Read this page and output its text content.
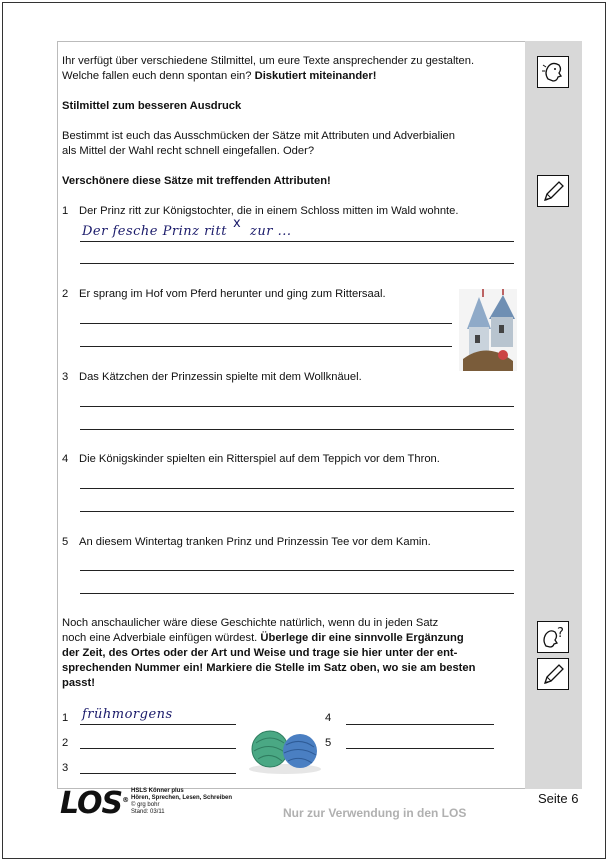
Ihr verfügt über verschiedene Stilmittel, um eure Texte ansprechender zu gestalten.
Welche fallen euch denn spontan ein? Diskutiert miteinander!
Stilmittel zum besseren Ausdruck
Bestimmt ist euch das Ausschmücken der Sätze mit Attributen und Adverbialien
als Mittel der Wahl recht schnell eingefallen. Oder?
Verschönere diese Sätze mit treffenden Attributen!
1 Der Prinz ritt zur Königstochter, die in einem Schloss mitten im Wald wohnte.
Der fesche Prinz ritt
x
zur ...
2 Er sprang im Hof vom Pferd herunter und ging zum Rittersaal.
3 Das Kätzchen der Prinzessin spielte mit dem Wollknäuel.
4 Die Königskinder spielten ein Ritterspiel auf dem Teppich vor dem Thron.
5 An diesem Wintertag tranken Prinz und Prinzessin Tee vor dem Kamin.
Noch anschaulicher wäre diese Geschichte natürlich, wenn du in jeden Satz
noch eine Adverbiale einfügen würdest. Überlege dir eine sinnvolle Ergänzung
der Zeit, des Ortes oder der Art und Weise und trage sie hier unter der ent-
sprechenden Nummer ein! Markiere die Stelle im Satz oben, wo sie am besten
passt!
1	frühmorgens
2
3
4
5
?
LOS®
HSLS Könner plus
Hören, Sprechen, Lesen, Schreiben
© grg bohr
Stand: 03/11	Nur zur Verwendung in den LOS
Seite 6
